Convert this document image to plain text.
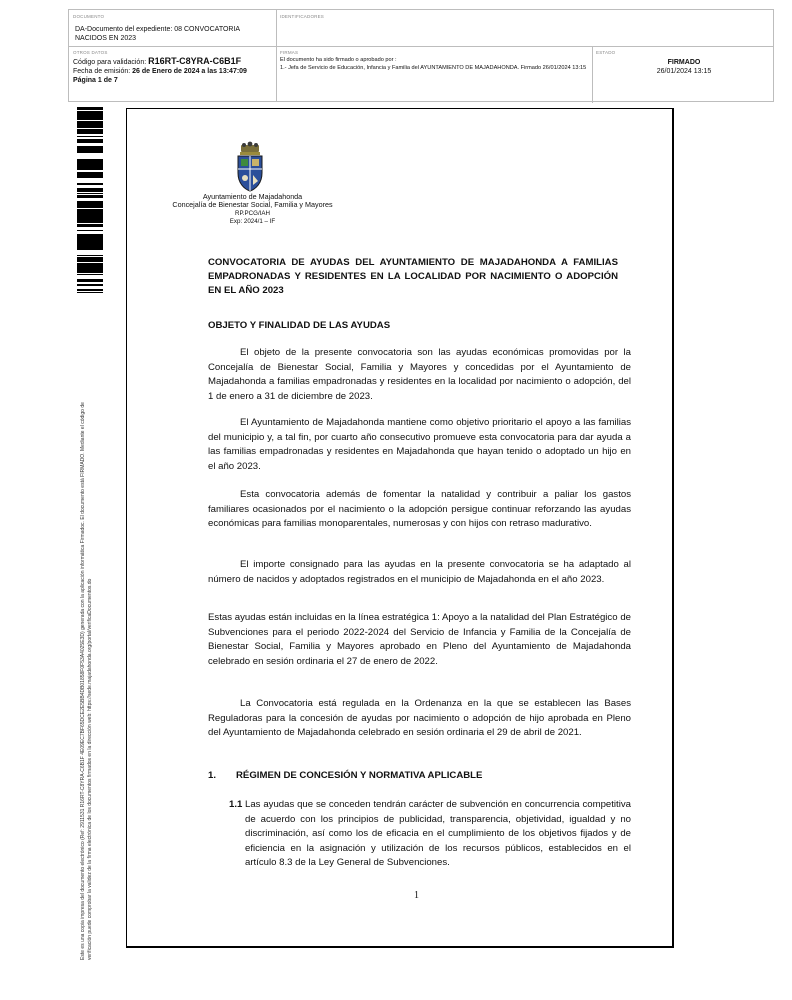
DOCUMENTO
DA-Documento del expediente: 08 CONVOCATORIA NACIDOS EN 2023
IDENTIFICADORES
OTROS DATOS
Código para validación: R16RT-C8YRA-C6B1F
Fecha de emisión: 26 de Enero de 2024 a las 13:47:09
Página 1 de 7
FIRMAS
El documento ha sido firmado o aprobado por :
1.- Jefa de Servicio de Educación, Infancia y Familia del AYUNTAMIENTO DE MAJADAHONDA. Firmado 26/01/2024 13:15
ESTADO
FIRMADO
26/01/2024 13:15
Este es una copia impresa del documento electrónico (Ref: 2911531 R16RT-C8YRA-C6B1F 4E09EC7BF65DCE2E5BB4DB01858F0F53A4025E3D) generada con la aplicación informática Firmadoc. El documento está FIRMADO. Mediante el código de verificación puede comprobar la validez de la firma electrónica de los documentos firmados en la dirección web: https://sede.majadahonda.org/portal/verificaDocumentos.do
Ayuntamiento de Majadahonda
Concejalía de Bienestar Social, Familia y Mayores
RP.PCG/IAH
Exp: 2024/1 – IF
CONVOCATORIA DE AYUDAS DEL AYUNTAMIENTO DE MAJADAHONDA A FAMILIAS EMPADRONADAS Y RESIDENTES EN LA LOCALIDAD POR NACIMIENTO O ADOPCIÓN EN EL AÑO 2023
OBJETO Y FINALIDAD DE LAS AYUDAS

El objeto de la presente convocatoria son las ayudas económicas promovidas por la Concejalía de Bienestar Social, Familia y Mayores y concedidas por el Ayuntamiento de Majadahonda a familias empadronadas y residentes en la localidad por nacimiento o adopción, del 1 de enero a 31 de diciembre de 2023.

El Ayuntamiento de Majadahonda mantiene como objetivo prioritario el apoyo a las familias del municipio y, a tal fin, por cuarto año consecutivo promueve esta convocatoria para dar ayuda a las familias empadronadas y residentes en Majadahonda que hayan tenido o adoptado un hijo en el año 2023.

Esta convocatoria además de fomentar la natalidad y contribuir a paliar los gastos familiares ocasionados por el nacimiento o la adopción persigue continuar reforzando las ayudas económicas para familias monoparentales, numerosas y con hijos con retraso madurativo.

El importe consignado para las ayudas en la presente convocatoria se ha adaptado al número de nacidos y adoptados registrados en el municipio de Majadahonda en el año 2023.

Estas ayudas están incluidas en la línea estratégica 1: Apoyo a la natalidad del Plan Estratégico de Subvenciones para el periodo 2022-2024 del Servicio de Infancia y Familia de la Concejalía de Bienestar Social, Familia y Mayores aprobado en Pleno del Ayuntamiento de Majadahonda celebrado en sesión ordinaria el 27 de enero de 2022.

La Convocatoria está regulada en la Ordenanza en la que se establecen las Bases Reguladoras para la concesión de ayudas por nacimiento o adopción de hijo aprobada en Pleno del Ayuntamiento de Majadahonda celebrado en sesión ordinaria el 29 de abril de 2021.

1. RÉGIMEN DE CONCESIÓN Y NORMATIVA APLICABLE
1.1 Las ayudas que se conceden tendrán carácter de subvención en concurrencia competitiva de acuerdo con los principios de publicidad, transparencia, objetividad, igualdad y no discriminación, así como los de eficacia en el cumplimiento de los objetivos fijados y de eficiencia en la asignación y utilización de los recursos públicos, establecidos en el artículo 8.3 de la Ley General de Subvenciones.

1
